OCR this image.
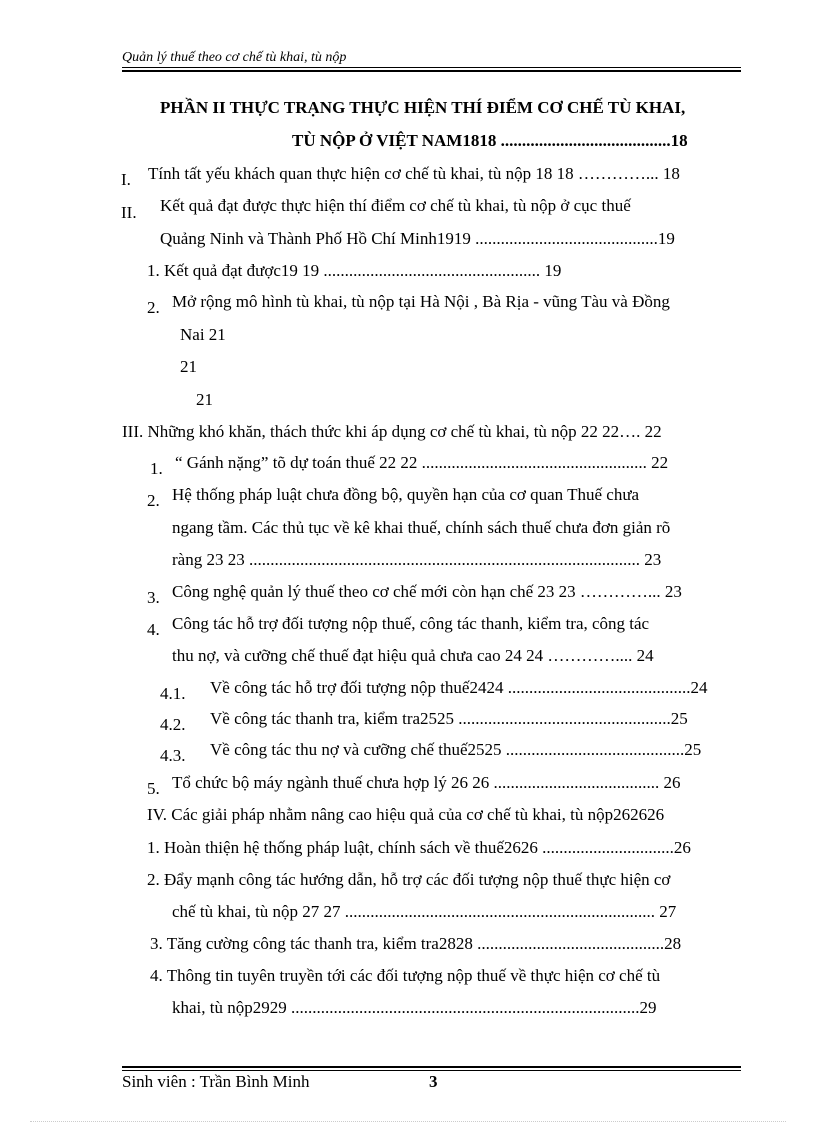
Quản lý thuế theo cơ chế tù khai, tù nộp
PHẦN II THỰC TRẠNG THỰC HIỆN THÍ ĐIỂM CƠ CHẾ TÙ KHAI,
TÙ NỘP Ở VIỆT NAM1818 ........................................18
I. Tính tất yếu khách quan thực hiện cơ chế tù khai, tù nộp 18 18 …………... 18
II. Kết quả đạt được thực hiện thí điểm cơ chế tù khai, tù nộp ở cục thuế
Quảng Ninh và Thành Phố Hồ Chí Minh1919 ...........................................19
1. Kết quả đạt được19 19 ................................................... 19
2. Mở rộng mô hình tù khai, tù nộp tại Hà Nội , Bà Rịa - vũng Tàu và Đồng
Nai 21
21
21
III. Những khó khăn, thách thức khi áp dụng cơ chế tù khai, tù nộp 22 22…. 22
1. “ Gánh nặng” tõ dự toán thuế 22 22 ..................................................... 22
2. Hệ thống pháp luật chưa đồng bộ, quyền hạn của cơ quan Thuế chưa
ngang tầm. Các thủ tục về kê khai thuế, chính sách thuế chưa đơn giản rõ
ràng 23 23 ............................................................................................ 23
3. Công nghệ quản lý thuế theo cơ chế mới còn hạn chế 23 23 …………... 23
4. Công tác hỗ trợ đối tượng nộp thuế, công tác thanh, kiểm tra, công tác
thu nợ, và cưỡng chế thuế đạt hiệu quả chưa cao 24 24 ………….... 24
4.1. Về công tác hỗ trợ đối tượng nộp thuế2424 ...........................................24
4.2. Về công tác thanh tra, kiểm tra2525 ..................................................25
4.3. Về công tác thu nợ và cưỡng chế thuế2525 ..........................................25
5. Tổ chức bộ máy ngành thuế chưa hợp lý 26 26 ....................................... 26
IV. Các giải pháp nhằm nâng cao hiệu quả của cơ chế tù khai, tù nộp262626
1. Hoàn thiện hệ thống pháp luật, chính sách về thuế2626 ...............................26
2. Đẩy mạnh công tác hướng dẫn, hỗ trợ các đối tượng nộp thuế thực hiện cơ
chế tù khai, tù nộp 27 27 ......................................................................... 27
3. Tăng cường công tác thanh tra, kiểm tra2828 ............................................28
4. Thông tin tuyên truyền tới các đối tượng nộp thuế về thực hiện cơ chế tù
khai, tù nộp2929 ..................................................................................29
Sinh viên : Trần Bình Minh	3
